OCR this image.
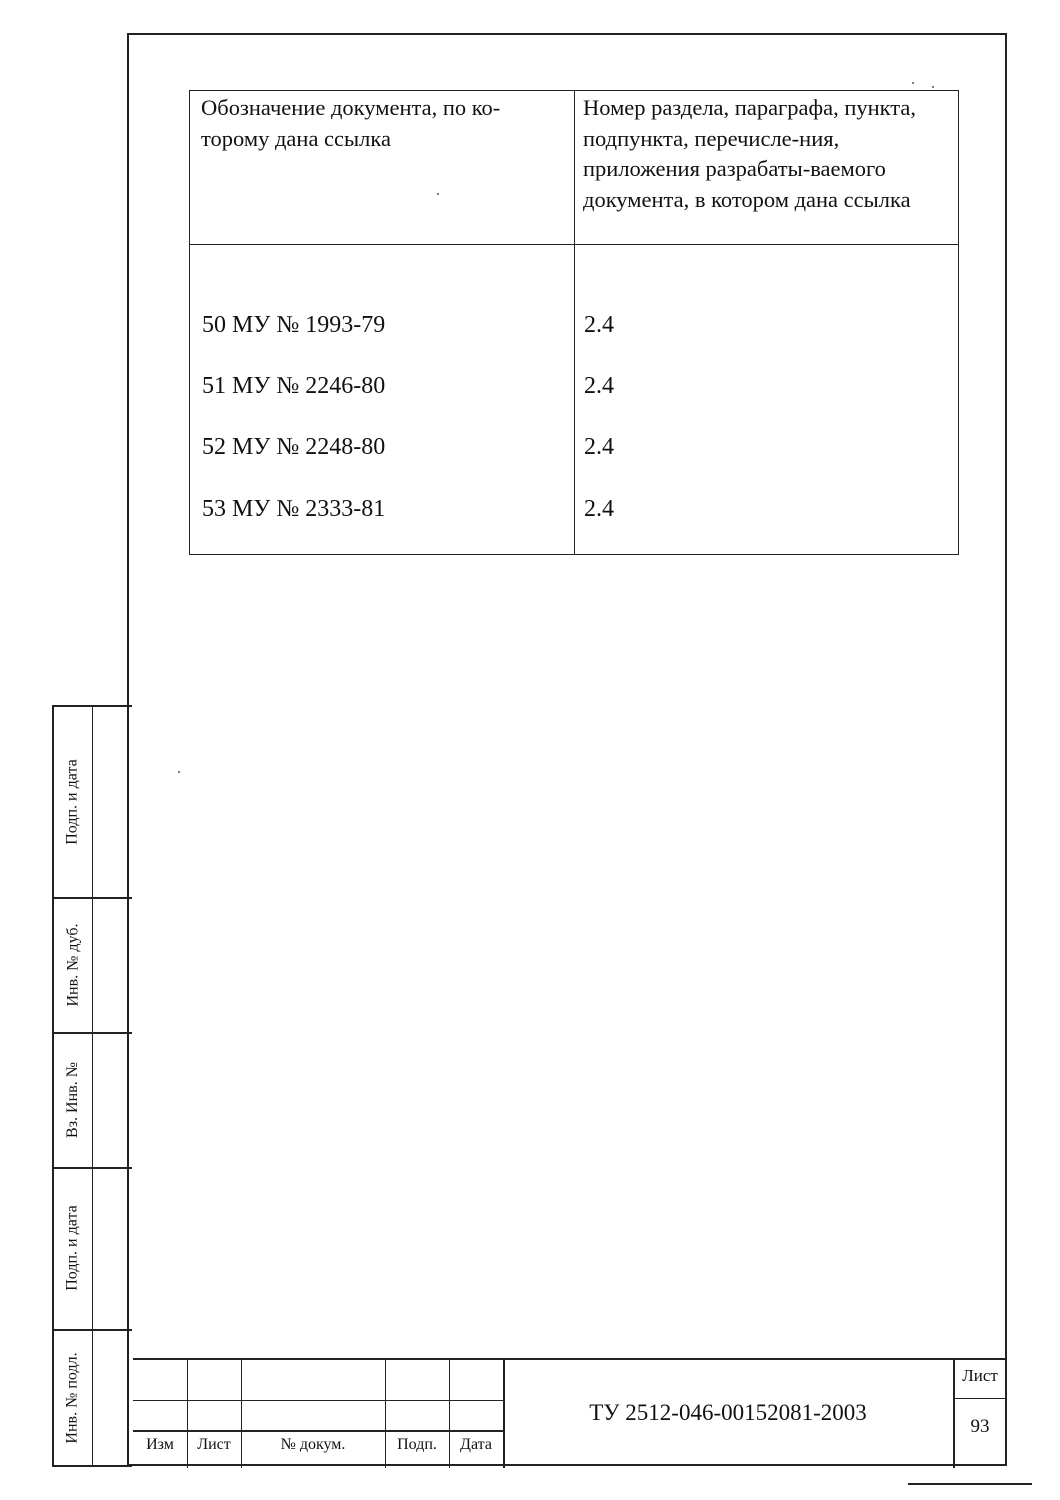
Обозначение документа, по ко-торому дана ссылка
Номер раздела, параграфа, пункта, подпункта, перечисле-ния, приложения разрабаты-ваемого документа, в котором дана ссылка
50 МУ № 1993-79	2.4
51 МУ № 2246-80	2.4
52 МУ № 2248-80	2.4
53 МУ № 2333-81	2.4
Подп. и дата
Инв. № дуб.
Вз. Инв. №
Подп. и дата
Инв. № подл.
Изм	Лист	№ докум.	Подп.	Дата
ТУ 2512-046-00152081-2003
Лист
93
